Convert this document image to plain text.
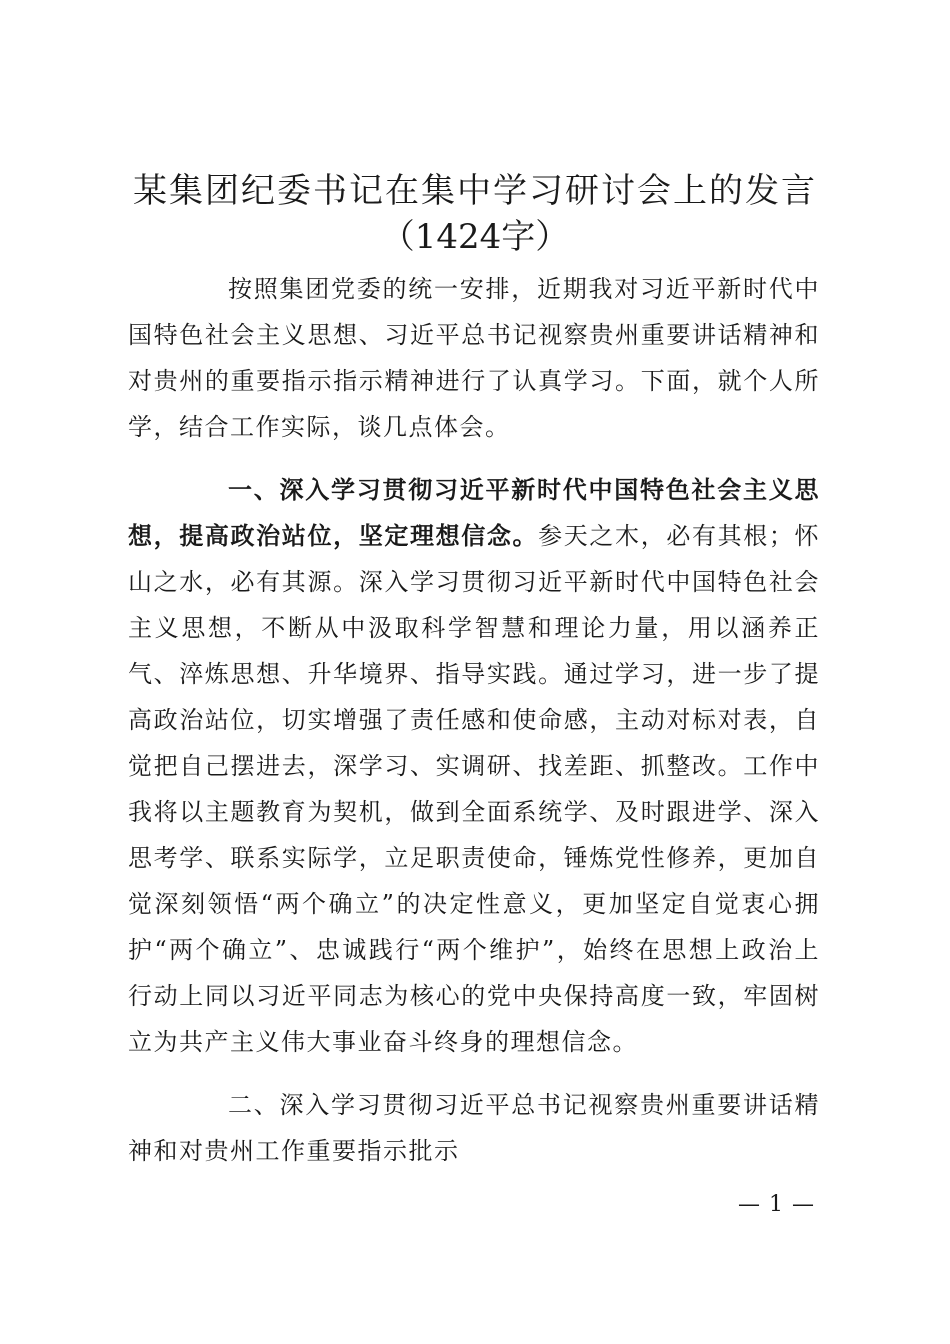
某集团纪委书记在集中学习研讨会上的发言

（1424字）

按照集团党委的统一安排，近期我对习近平新时代中国特色社会主义思想、习近平总书记视察贵州重要讲话精神和对贵州的重要指示指示精神进行了认真学习。下面，就个人所学，结合工作实际，谈几点体会。

一、深入学习贯彻习近平新时代中国特色社会主义思想，提高政治站位，坚定理想信念。参天之木，必有其根；怀山之水，必有其源。深入学习贯彻习近平新时代中国特色社会主义思想，不断从中汲取科学智慧和理论力量，用以涵养正气、淬炼思想、升华境界、指导实践。通过学习，进一步了提高政治站位，切实增强了责任感和使命感，主动对标对表，自觉把自己摆进去，深学习、实调研、找差距、抓整改。工作中我将以主题教育为契机，做到全面系统学、及时跟进学、深入思考学、联系实际学，立足职责使命，锤炼党性修养，更加自觉深刻领悟“两个确立”的决定性意义，更加坚定自觉衷心拥护“两个确立”、忠诚践行“两个维护”，始终在思想上政治上行动上同以习近平同志为核心的党中央保持高度一致，牢固树立为共产主义伟大事业奋斗终身的理想信念。

二、深入学习贯彻习近平总书记视察贵州重要讲话精神和对贵州工作重要指示批示

— 1 —
